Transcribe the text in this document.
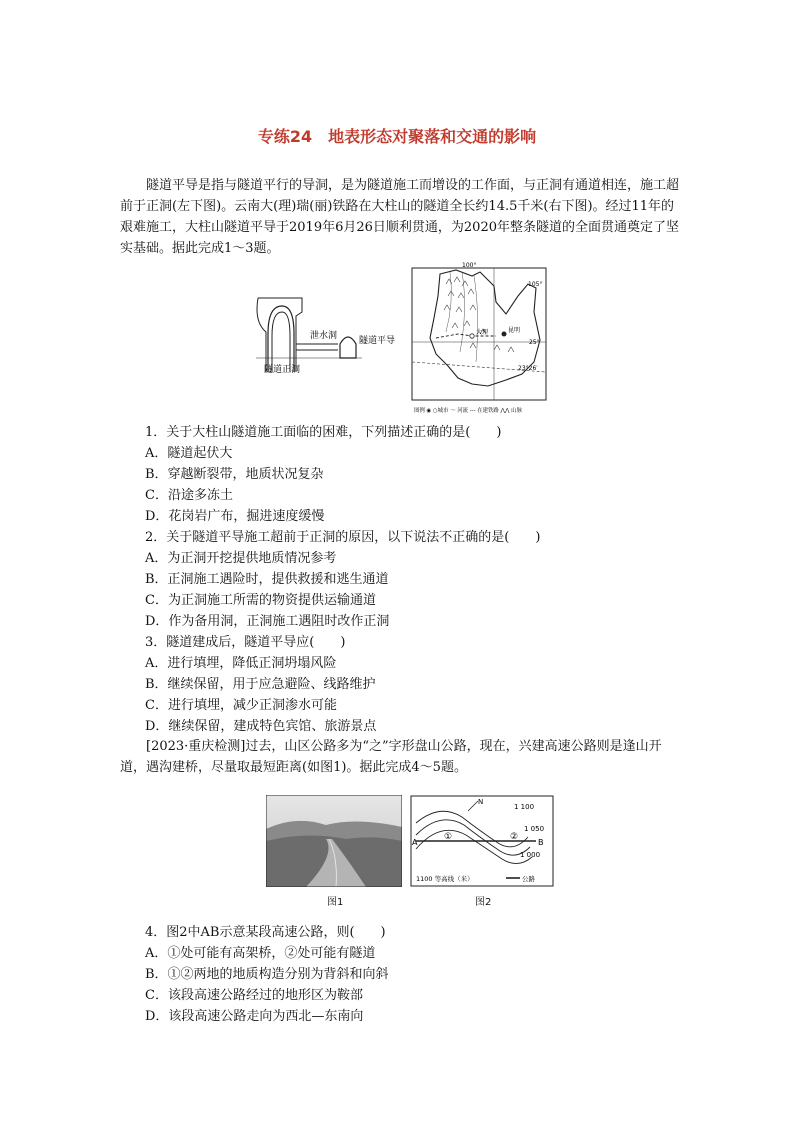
专练24　地表形态对聚落和交通的影响
隧道平导是指与隧道平行的导洞，是为隧道施工而增设的工作面，与正洞有通道相连，施工超前于正洞(左下图)。云南大(理)瑞(丽)铁路在大柱山的隧道全长约14.5千米(右下图)。经过11年的艰难施工，大柱山隧道平导于2019年6月26日顺利贯通，为2020年整条隧道的全面贯通奠定了坚实基础。据此完成1～3题。
泄水洞 隧道平导
隧道正洞
100°
105°
25°
23°26′
大理	昆明
图例 ◉ ○城市 ～ 河流 --- 在建铁路 ⋀⋀ 山脉
1．关于大柱山隧道施工面临的困难，下列描述正确的是(　　)
A．隧道起伏大
B．穿越断裂带，地质状况复杂
C．沿途多冻土
D．花岗岩广布，掘进速度缓慢
2．关于隧道平导施工超前于正洞的原因，以下说法不正确的是(　　)
A．为正洞开挖提供地质情况参考
B．正洞施工遇险时，提供救援和逃生通道
C．为正洞施工所需的物资提供运输通道
D．作为备用洞，正洞施工遇阻时改作正洞
3．隧道建成后，隧道平导应(　　)
A．进行填埋，降低正洞坍塌风险
B．继续保留，用于应急避险、线路维护
C．进行填埋，减少正洞渗水可能
D．继续保留，建成特色宾馆、旅游景点
[2023·重庆检测]过去，山区公路多为“之”字形盘山公路，现在，兴建高速公路则是逢山开道，遇沟建桥，尽量取最短距离(如图1)。据此完成4～5题。
图1
A	B
①	②
N
1 100
1 050
1 000
1100 等高线（米）	公路
图2
4．图2中AB示意某段高速公路，则(　　)
A．①处可能有高架桥，②处可能有隧道
B．①②两地的地质构造分别为背斜和向斜
C．该段高速公路经过的地形区为鞍部
D．该段高速公路走向为西北—东南向
